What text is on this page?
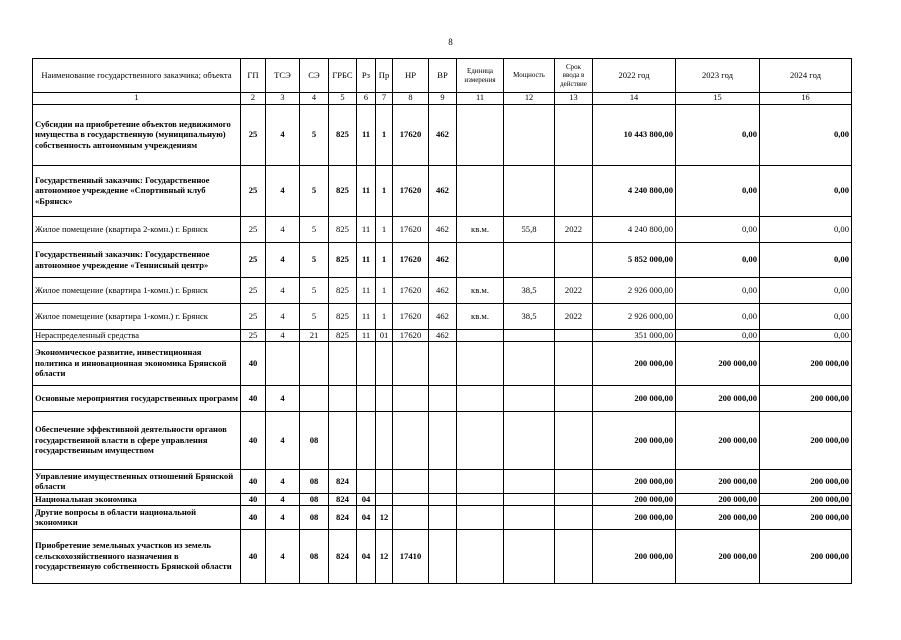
8
Наименование государственного заказчика; объекта	ГП	ТСЭ	СЭ	ГРБС	Рз	Пр	НР	ВР	Единица измерения	Мощность	Срок ввода в действие	2022 год	2023 год	2024 год
1	2	3	4	5	6	7	8	9	11	12	13	14	15	16
Субсидии на приобретение объектов недвижимого имущества в государственную (муниципальную) собственность автономным учреждениям	25	4	5	825	11	1	17620	462				10 443 800,00	0,00	0,00
Государственный заказчик: Государственное автономное учреждение «Спортивный клуб «Брянск»	25	4	5	825	11	1	17620	462				4 240 800,00	0,00	0,00
Жилое помещение (квартира 2-комн.) г. Брянск	25	4	5	825	11	1	17620	462	кв.м.	55,8	2022	4 240 800,00	0,00	0,00
Государственный заказчик: Государственное автономное учреждение «Теннисный центр»	25	4	5	825	11	1	17620	462				5 852 000,00	0,00	0,00
Жилое помещение (квартира 1-комн.) г. Брянск	25	4	5	825	11	1	17620	462	кв.м.	38,5	2022	2 926 000,00	0,00	0,00
Жилое помещение (квартира 1-комн.) г. Брянск	25	4	5	825	11	1	17620	462	кв.м.	38,5	2022	2 926 000,00	0,00	0,00
Нераспределенный средства	25	4	21	825	11	01	17620	462				351 000,00	0,00	0,00
Экономическое развитие, инвестиционная политика и инновационная экономика Брянской области	40											200 000,00	200 000,00	200 000,00
Основные мероприятия государственных программ	40	4										200 000,00	200 000,00	200 000,00
Обеспечение эффективной деятельности органов государственной власти в сфере управления государственным имуществом	40	4	08									200 000,00	200 000,00	200 000,00
Управление имущественных отношений Брянской области	40	4	08	824								200 000,00	200 000,00	200 000,00
Национальная экономика	40	4	08	824	04							200 000,00	200 000,00	200 000,00
Другие вопросы в области национальной экономики	40	4	08	824	04	12						200 000,00	200 000,00	200 000,00
Приобретение земельных участков из земель сельскохозяйственного назначения в государственную собственность Брянской области	40	4	08	824	04	12	17410					200 000,00	200 000,00	200 000,00
